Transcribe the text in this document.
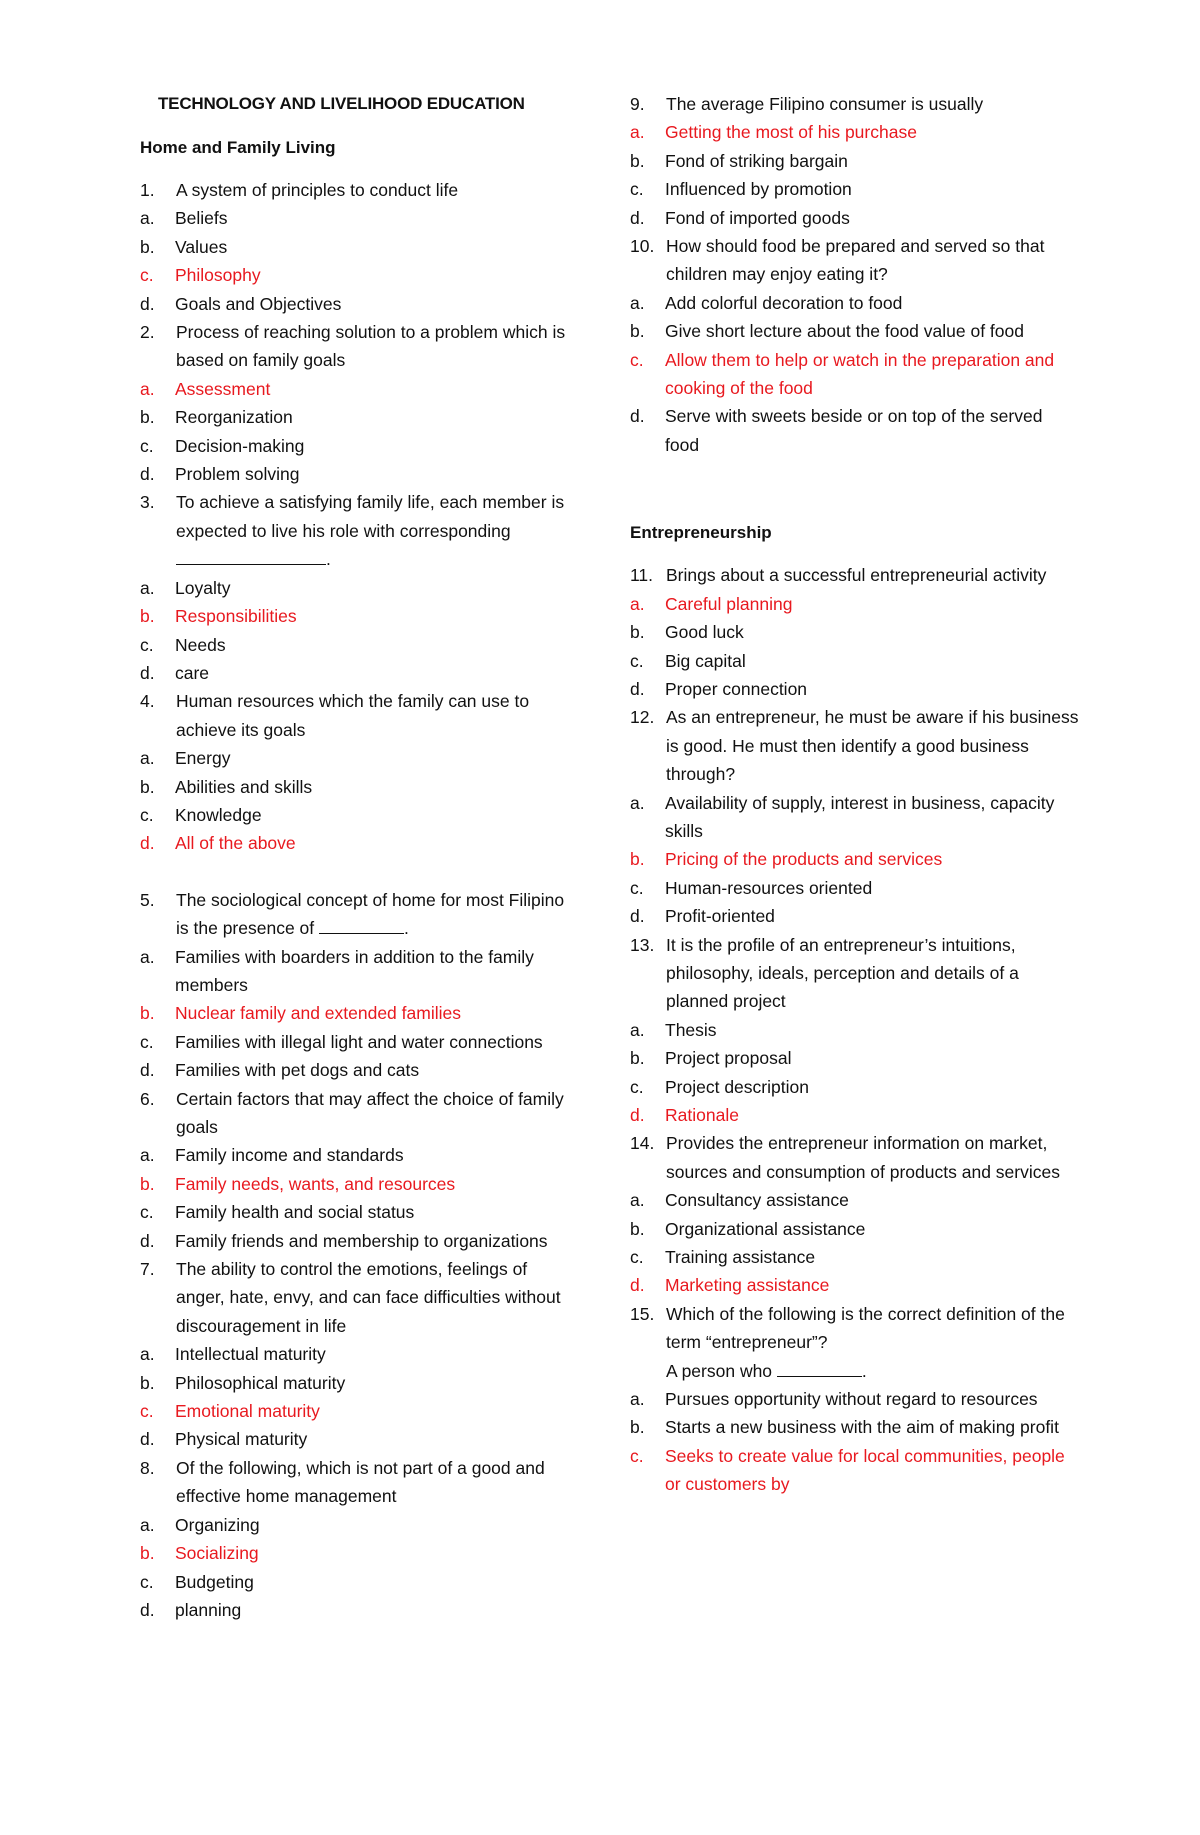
TECHNOLOGY AND LIVELIHOOD EDUCATION
Home and Family Living
1.	A system of principles to conduct life
a.	Beliefs
b.	Values
c.	Philosophy
d.	Goals and Objectives
2.	Process of reaching solution to a problem which is based on family goals
a.	Assessment
b.	Reorganization
c.	Decision-making
d.	Problem solving
3.	To achieve a satisfying family life, each member is expected to live his role with corresponding .
a.	Loyalty
b.	Responsibilities
c.	Needs
d.	care
4.	Human resources which the family can use to achieve its goals
a.	Energy
b.	Abilities and skills
c.	Knowledge
d.	All of the above
5.	The sociological concept of home for most Filipino is the presence of	.
a.	Families with boarders in addition to the family members
b.	Nuclear family and extended families
c.	Families with illegal light and water connections
d.	Families with pet dogs and cats
6.	Certain factors that may affect the choice of family goals
a.	Family income and standards
b.	Family needs, wants, and resources
c.	Family health and social status
d.	Family friends and membership to organizations
7.	The ability to control the emotions, feelings of anger, hate, envy, and can face difficulties without discouragement in life
a.	Intellectual maturity
b.	Philosophical maturity
c.	Emotional maturity
d.	Physical maturity
8.	Of the following, which is not part of a good and effective home management
a.	Organizing
b.	Socializing
c.	Budgeting
d.	planning
9.	The average Filipino consumer is usually
a.	Getting the most of his purchase
b.	Fond of striking bargain
c.	Influenced by promotion
d.	Fond of imported goods
10. How should food be prepared and served so that children may enjoy eating it?
a.	Add colorful decoration to food
b.	Give short lecture about the food value of food
c.	Allow them to help or watch in the preparation and cooking of the food
d.	Serve with sweets beside or on top of the served food
Entrepreneurship
11. Brings about a successful entrepreneurial activity
a.	Careful planning
b.	Good luck
c.	Big capital
d.	Proper connection
12. As an entrepreneur, he must be aware if his business is good. He must then identify a good business through?
a.	Availability of supply, interest in business, capacity skills
b.	Pricing of the products and services
c.	Human-resources oriented
d.	Profit-oriented
13. It is the profile of an entrepreneur’s intuitions, philosophy, ideals, perception and details of a planned project
a.	Thesis
b.	Project proposal
c.	Project description
d.	Rationale
14. Provides the entrepreneur information on market, sources and consumption of products and services
a.	Consultancy assistance
b.	Organizational assistance
c.	Training assistance
d.	Marketing assistance
15. Which of the following is the correct definition of the term “entrepreneur”?
A person who	.
a.	Pursues opportunity without regard to resources
b.	Starts a new business with the aim of making profit
c.	Seeks to create value for local communities, people or customers by
